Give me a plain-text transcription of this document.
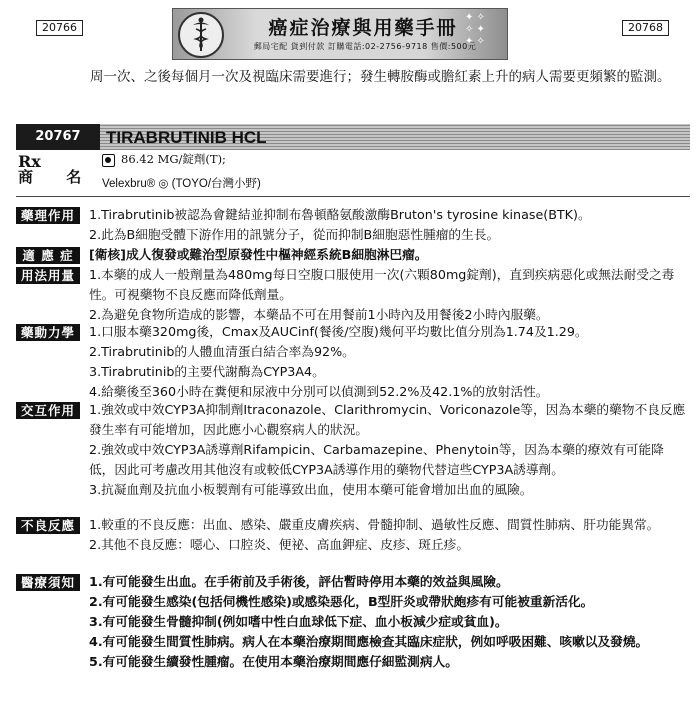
20766	20768
癌症治療與用藥手冊
郵局宅配 貨到付款 訂購電話:02-2756-9718 售價:500元
✦ ✧
✧ ✦
✦ ✧
周一次、之後每個月一次及視臨床需要進行；發生轉胺酶或膽紅素上升的病人需要更頻繁的監測。
20767	TIRABRUTINIB HCL
Rx	86.42 MG/錠劑(T);
商 名 Velexbru® ◎ (TOYO/台灣小野)
藥理作用	1.Tirabrutinib被認為會鍵結並抑制布魯頓酪氨酸激酶Bruton's tyrosine kinase(BTK)。

2.此為B細胞受體下游作用的訊號分子，從而抑制B細胞惡性腫瘤的生長。

適 應 症	[衛核]成人復發或難治型原發性中樞神經系統B細胞淋巴瘤。

用法用量	1.本藥的成人一般劑量為480mg每日空腹口服使用一次(六顆80mg錠劑)，直到疾病惡化或無法耐受之毒性。可視藥物不良反應而降低劑量。

2.為避免食物所造成的影響，本藥品不可在用餐前1小時內及用餐後2小時內服藥。

藥動力學	1.口服本藥320mg後，Cmax及AUCinf(餐後/空腹)幾何平均數比值分別為1.74及1.29。

2.Tirabrutinib的人體血清蛋白結合率為92%。

3.Tirabrutinib的主要代謝酶為CYP3A4。

4.給藥後至360小時在糞便和尿液中分別可以偵測到52.2%及42.1%的放射活性。

交互作用	1.強效或中效CYP3A抑制劑Itraconazole、Clarithromycin、Voriconazole等，因為本藥的藥物不良反應發生率有可能增加，因此應小心觀察病人的狀況。

2.強效或中效CYP3A誘導劑Rifampicin、Carbamazepine、Phenytoin等，因為本藥的療效有可能降低，因此可考慮改用其他沒有或較低CYP3A誘導作用的藥物代替這些CYP3A誘導劑。

3.抗凝血劑及抗血小板製劑有可能導致出血，使用本藥可能會增加出血的風險。

不良反應	1.較重的不良反應：出血、感染、嚴重皮膚疾病、骨髓抑制、過敏性反應、間質性肺病、肝功能異常。

2.其他不良反應：噁心、口腔炎、便祕、高血鉀症、皮疹、斑丘疹。

醫療須知	1.有可能發生出血。在手術前及手術後，評估暫時停用本藥的效益與風險。

2.有可能發生感染(包括伺機性感染)或感染惡化，B型肝炎或帶狀皰疹有可能被重新活化。

3.有可能發生骨髓抑制(例如嗜中性白血球低下症、血小板減少症或貧血)。

4.有可能發生間質性肺病。病人在本藥治療期間應檢查其臨床症狀，例如呼吸困難、咳嗽以及發燒。

5.有可能發生續發性腫瘤。在使用本藥治療期間應仔細監測病人。
